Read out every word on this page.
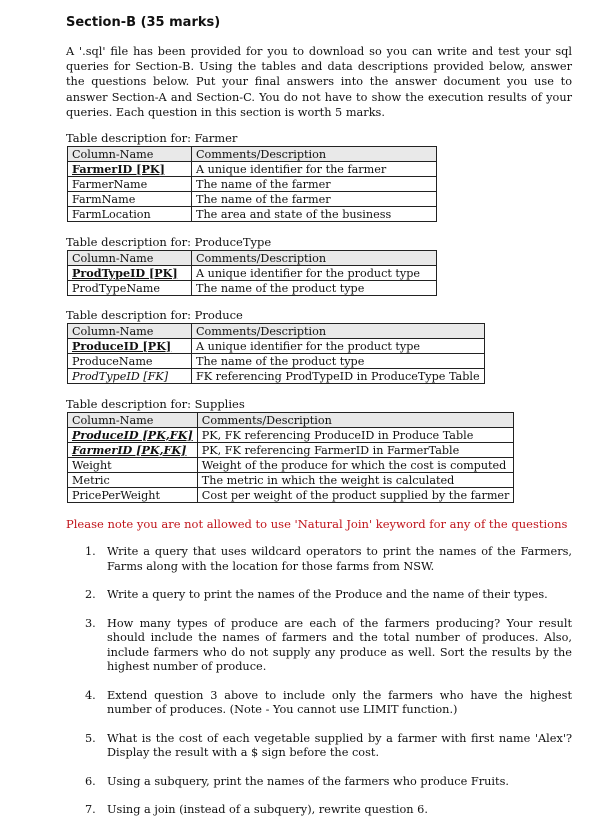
Section-B (35 marks)
A '.sql' file has been provided for you to download so you can write and test your sql queries for Section-B. Using the tables and data descriptions provided below, answer the questions below. Put your final answers into the answer document you use to answer Section-A and Section-C. You do not have to show the execution results of your queries. Each question in this section is worth 5 marks.
Table description for: Farmer
Column-Name	Comments/Description
FarmerID [PK]	A unique identifier for the farmer
FarmerName	The name of the farmer
FarmName	The name of the farmer
FarmLocation	The area and state of the business
Table description for: ProduceType
Column-Name	Comments/Description
ProdTypeID [PK]	A unique identifier for the product type
ProdTypeName	The name of the product type
Table description for: Produce
Column-Name	Comments/Description
ProduceID [PK]	A unique identifier for the product type
ProduceName	The name of the product type
ProdTypeID [FK]	FK referencing ProdTypeID in ProduceType Table
Table description for: Supplies
Column-Name	Comments/Description
ProduceID [PK,FK]	PK, FK referencing ProduceID in Produce Table
FarmerID [PK,FK]	PK, FK referencing FarmerID in FarmerTable
Weight	Weight of the produce for which the cost is computed
Metric	The metric in which the weight is calculated
PricePerWeight	Cost per weight of the product supplied by the farmer
Please note you are not allowed to use 'Natural Join' keyword for any of the questions
1. Write a query that uses wildcard operators to print the names of the Farmers, Farms along with the location for those farms from NSW.
2. Write a query to print the names of the Produce and the name of their types.
3. How many types of produce are each of the farmers producing? Your result should include the names of farmers and the total number of produces. Also, include farmers who do not supply any produce as well. Sort the results by the highest number of produce.
4. Extend question 3 above to include only the farmers who have the highest number of produces. (Note - You cannot use LIMIT function.)
5. What is the cost of each vegetable supplied by a farmer with first name 'Alex'? Display the result with a $ sign before the cost.
6. Using a subquery, print the names of the farmers who produce Fruits.
7. Using a join (instead of a subquery), rewrite question 6.
